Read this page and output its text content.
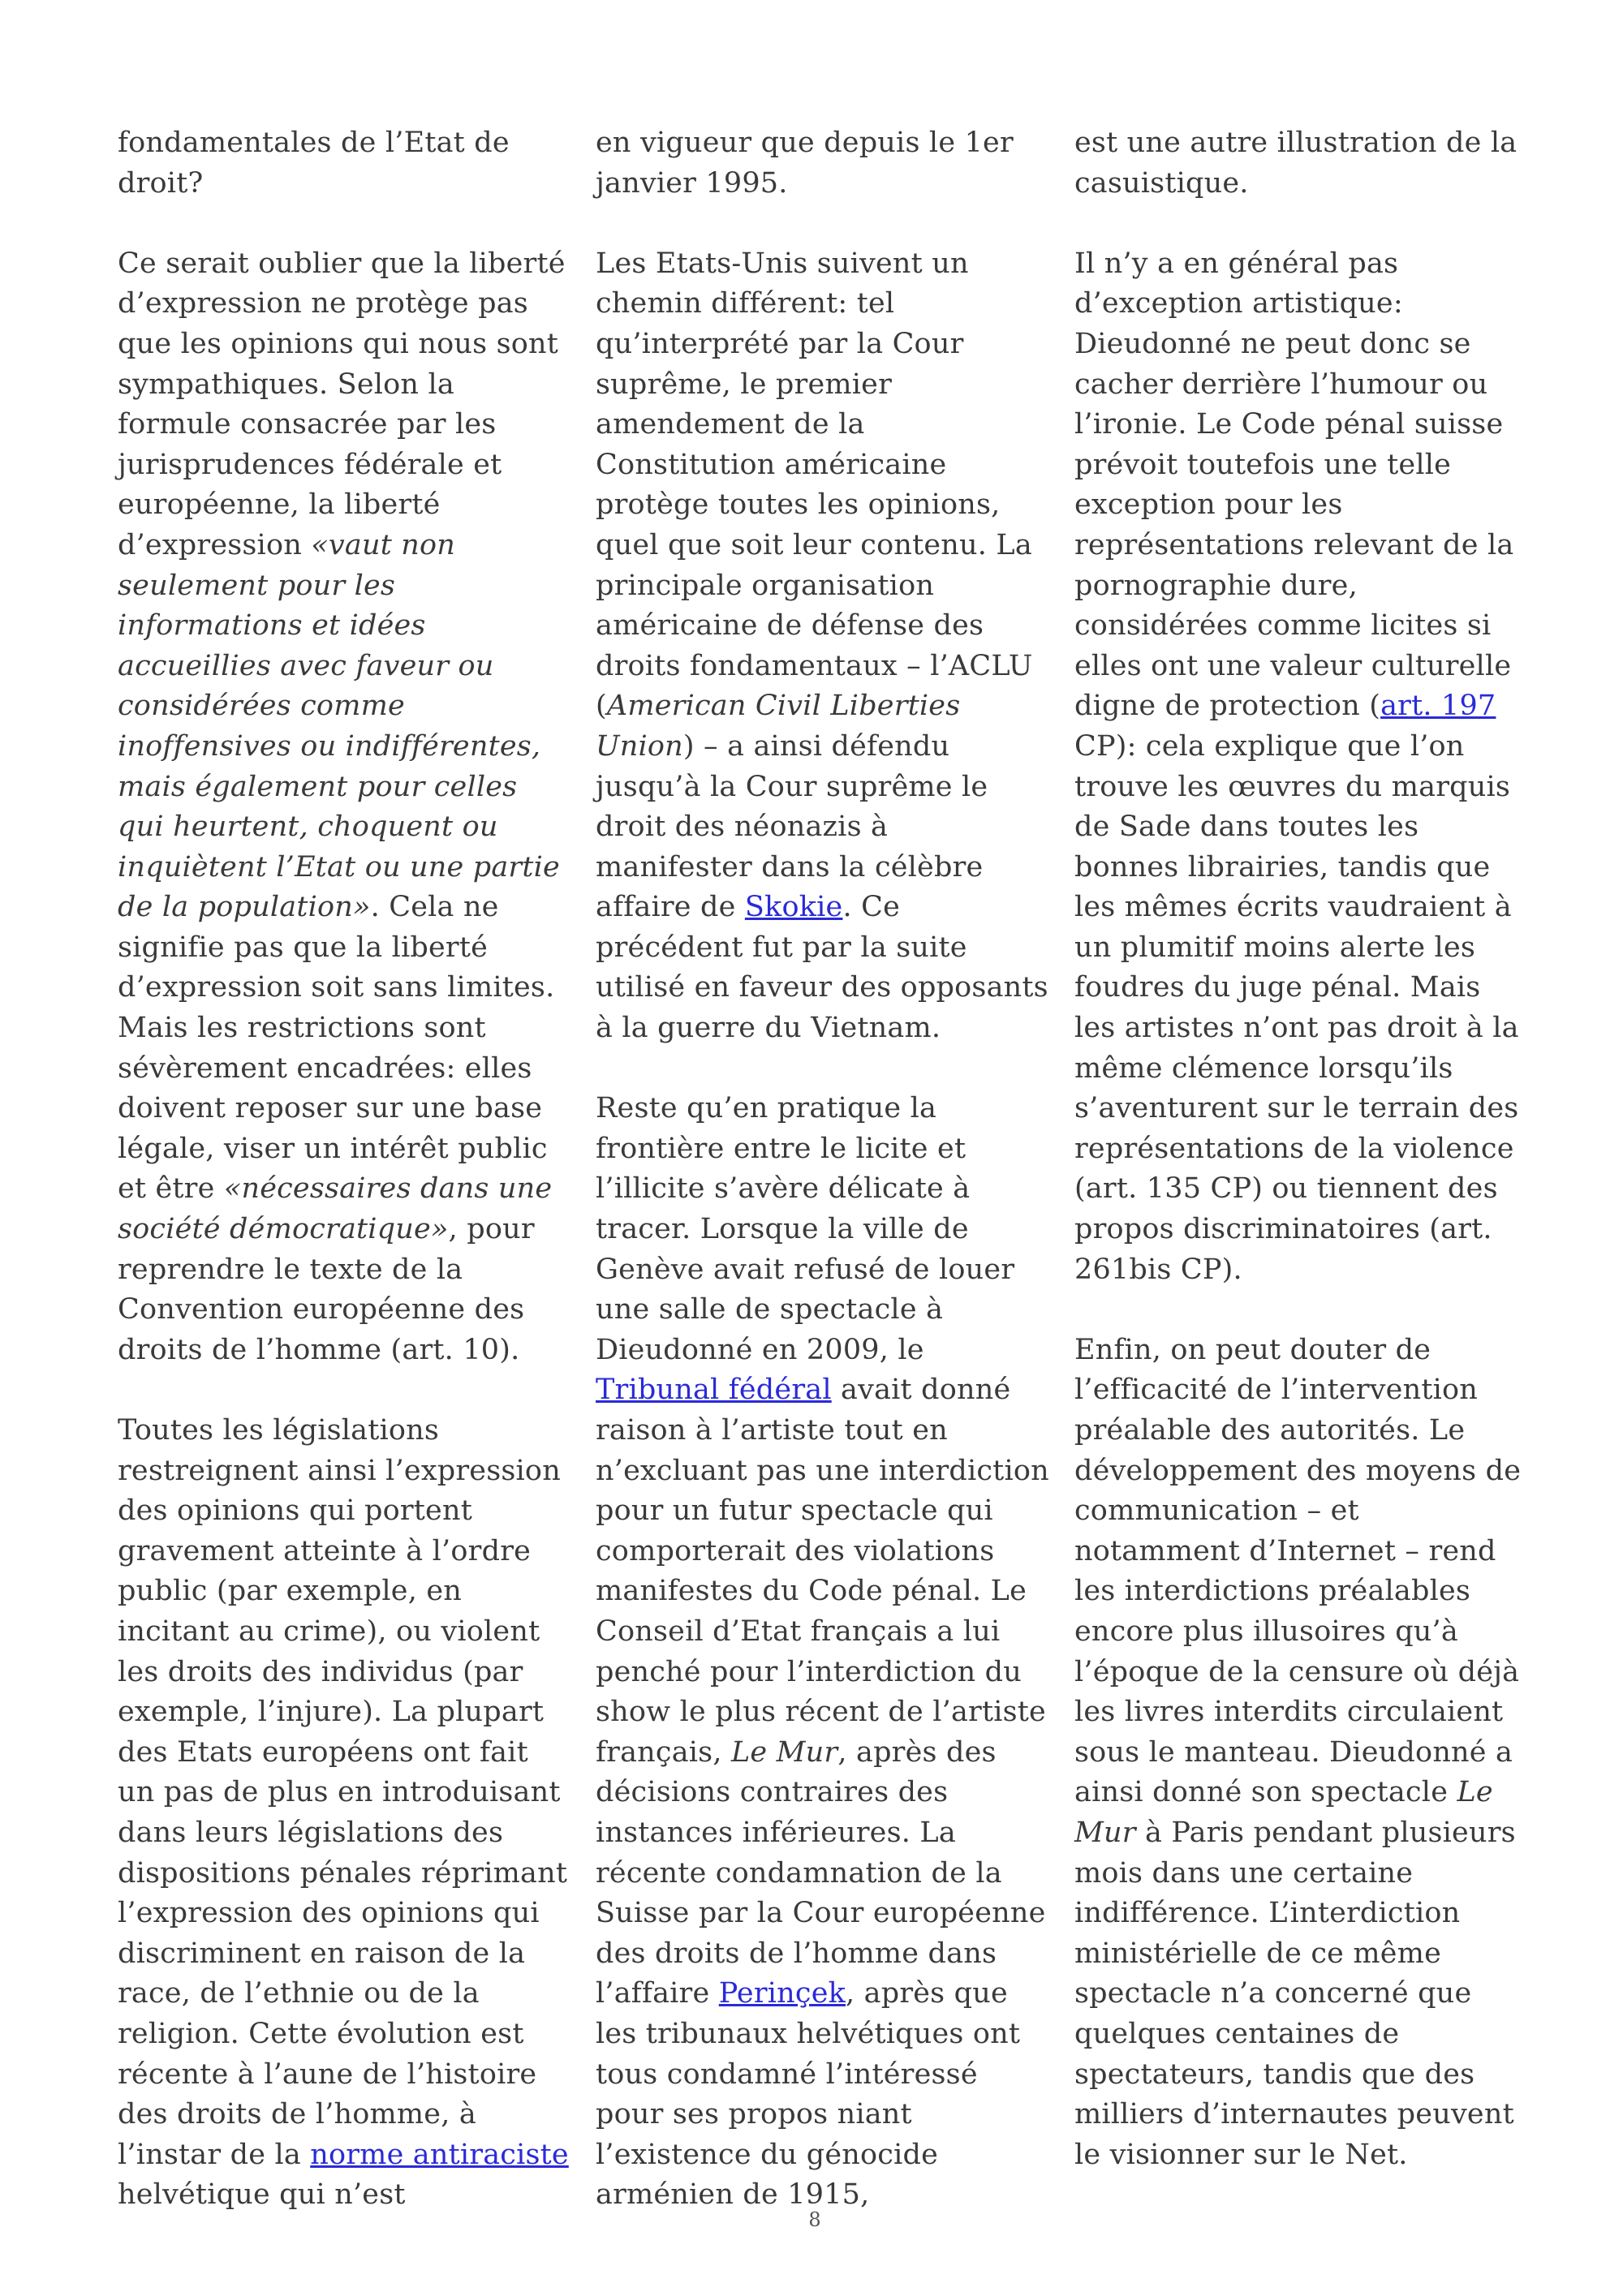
fondamentales de l’Etat de droit?

Ce serait oublier que la liberté d’expression ne protège pas que les opinions qui nous sont sympathiques. Selon la formule consacrée par les jurisprudences fédérale et européenne, la liberté d’expression «vaut non seulement pour les informations et idées accueillies avec faveur ou considérées comme inoffensives ou indifférentes, mais également pour celles qui heurtent, choquent ou inquiètent l’Etat ou une partie de la population». Cela ne signifie pas que la liberté d’expression soit sans limites. Mais les restrictions sont sévèrement encadrées: elles doivent reposer sur une base légale, viser un intérêt public et être «nécessaires dans une société démocratique», pour reprendre le texte de la Convention européenne des droits de l’homme (art. 10).

Toutes les législations restreignent ainsi l’expression des opinions qui portent gravement atteinte à l’ordre public (par exemple, en incitant au crime), ou violent les droits des individus (par exemple, l’injure). La plupart des Etats européens ont fait un pas de plus en introduisant dans leurs législations des dispositions pénales réprimant l’expression des opinions qui discriminent en raison de la race, de l’ethnie ou de la religion. Cette évolution est récente à l’aune de l’histoire des droits de l’homme, à l’instar de la norme antiraciste helvétique qui n’est

en vigueur que depuis le 1er janvier 1995.

Les Etats-Unis suivent un chemin différent: tel qu’interprété par la Cour suprême, le premier amendement de la Constitution américaine protège toutes les opinions, quel que soit leur contenu. La principale organisation américaine de défense des droits fondamentaux – l’ACLU (American Civil Liberties Union) – a ainsi défendu jusqu’à la Cour suprême le droit des néonazis à manifester dans la célèbre affaire de Skokie. Ce précédent fut par la suite utilisé en faveur des opposants à la guerre du Vietnam.

Reste qu’en pratique la frontière entre le licite et l’illicite s’avère délicate à tracer. Lorsque la ville de Genève avait refusé de louer une salle de spectacle à Dieudonné en 2009, le Tribunal fédéral avait donné raison à l’artiste tout en n’excluant pas une interdiction pour un futur spectacle qui comporterait des violations manifestes du Code pénal. Le Conseil d’Etat français a lui penché pour l’interdiction du show le plus récent de l’artiste français, Le Mur, après des décisions contraires des instances inférieures. La récente condamnation de la Suisse par la Cour européenne des droits de l’homme dans l’affaire Perinçek, après que les tribunaux helvétiques ont tous condamné l’intéressé pour ses propos niant l’existence du génocide arménien de 1915,

est une autre illustration de la casuistique.

Il n’y a en général pas d’exception artistique: Dieudonné ne peut donc se cacher derrière l’humour ou l’ironie. Le Code pénal suisse prévoit toutefois une telle exception pour les représentations relevant de la pornographie dure, considérées comme licites si elles ont une valeur culturelle digne de protection (art. 197 CP): cela explique que l’on trouve les œuvres du marquis de Sade dans toutes les bonnes librairies, tandis que les mêmes écrits vaudraient à un plumitif moins alerte les foudres du juge pénal. Mais les artistes n’ont pas droit à la même clémence lorsqu’ils s’aventurent sur le terrain des représentations de la violence (art. 135 CP) ou tiennent des propos discriminatoires (art. 261bis CP).

Enfin, on peut douter de l’efficacité de l’intervention préalable des autorités. Le développement des moyens de communication – et notamment d’Internet – rend les interdictions préalables encore plus illusoires qu’à l’époque de la censure où déjà les livres interdits circulaient sous le manteau. Dieudonné a ainsi donné son spectacle Le Mur à Paris pendant plusieurs mois dans une certaine indifférence. L’interdiction ministérielle de ce même spectacle n’a concerné que quelques centaines de spectateurs, tandis que des milliers d’internautes peuvent le visionner sur le Net.

8
